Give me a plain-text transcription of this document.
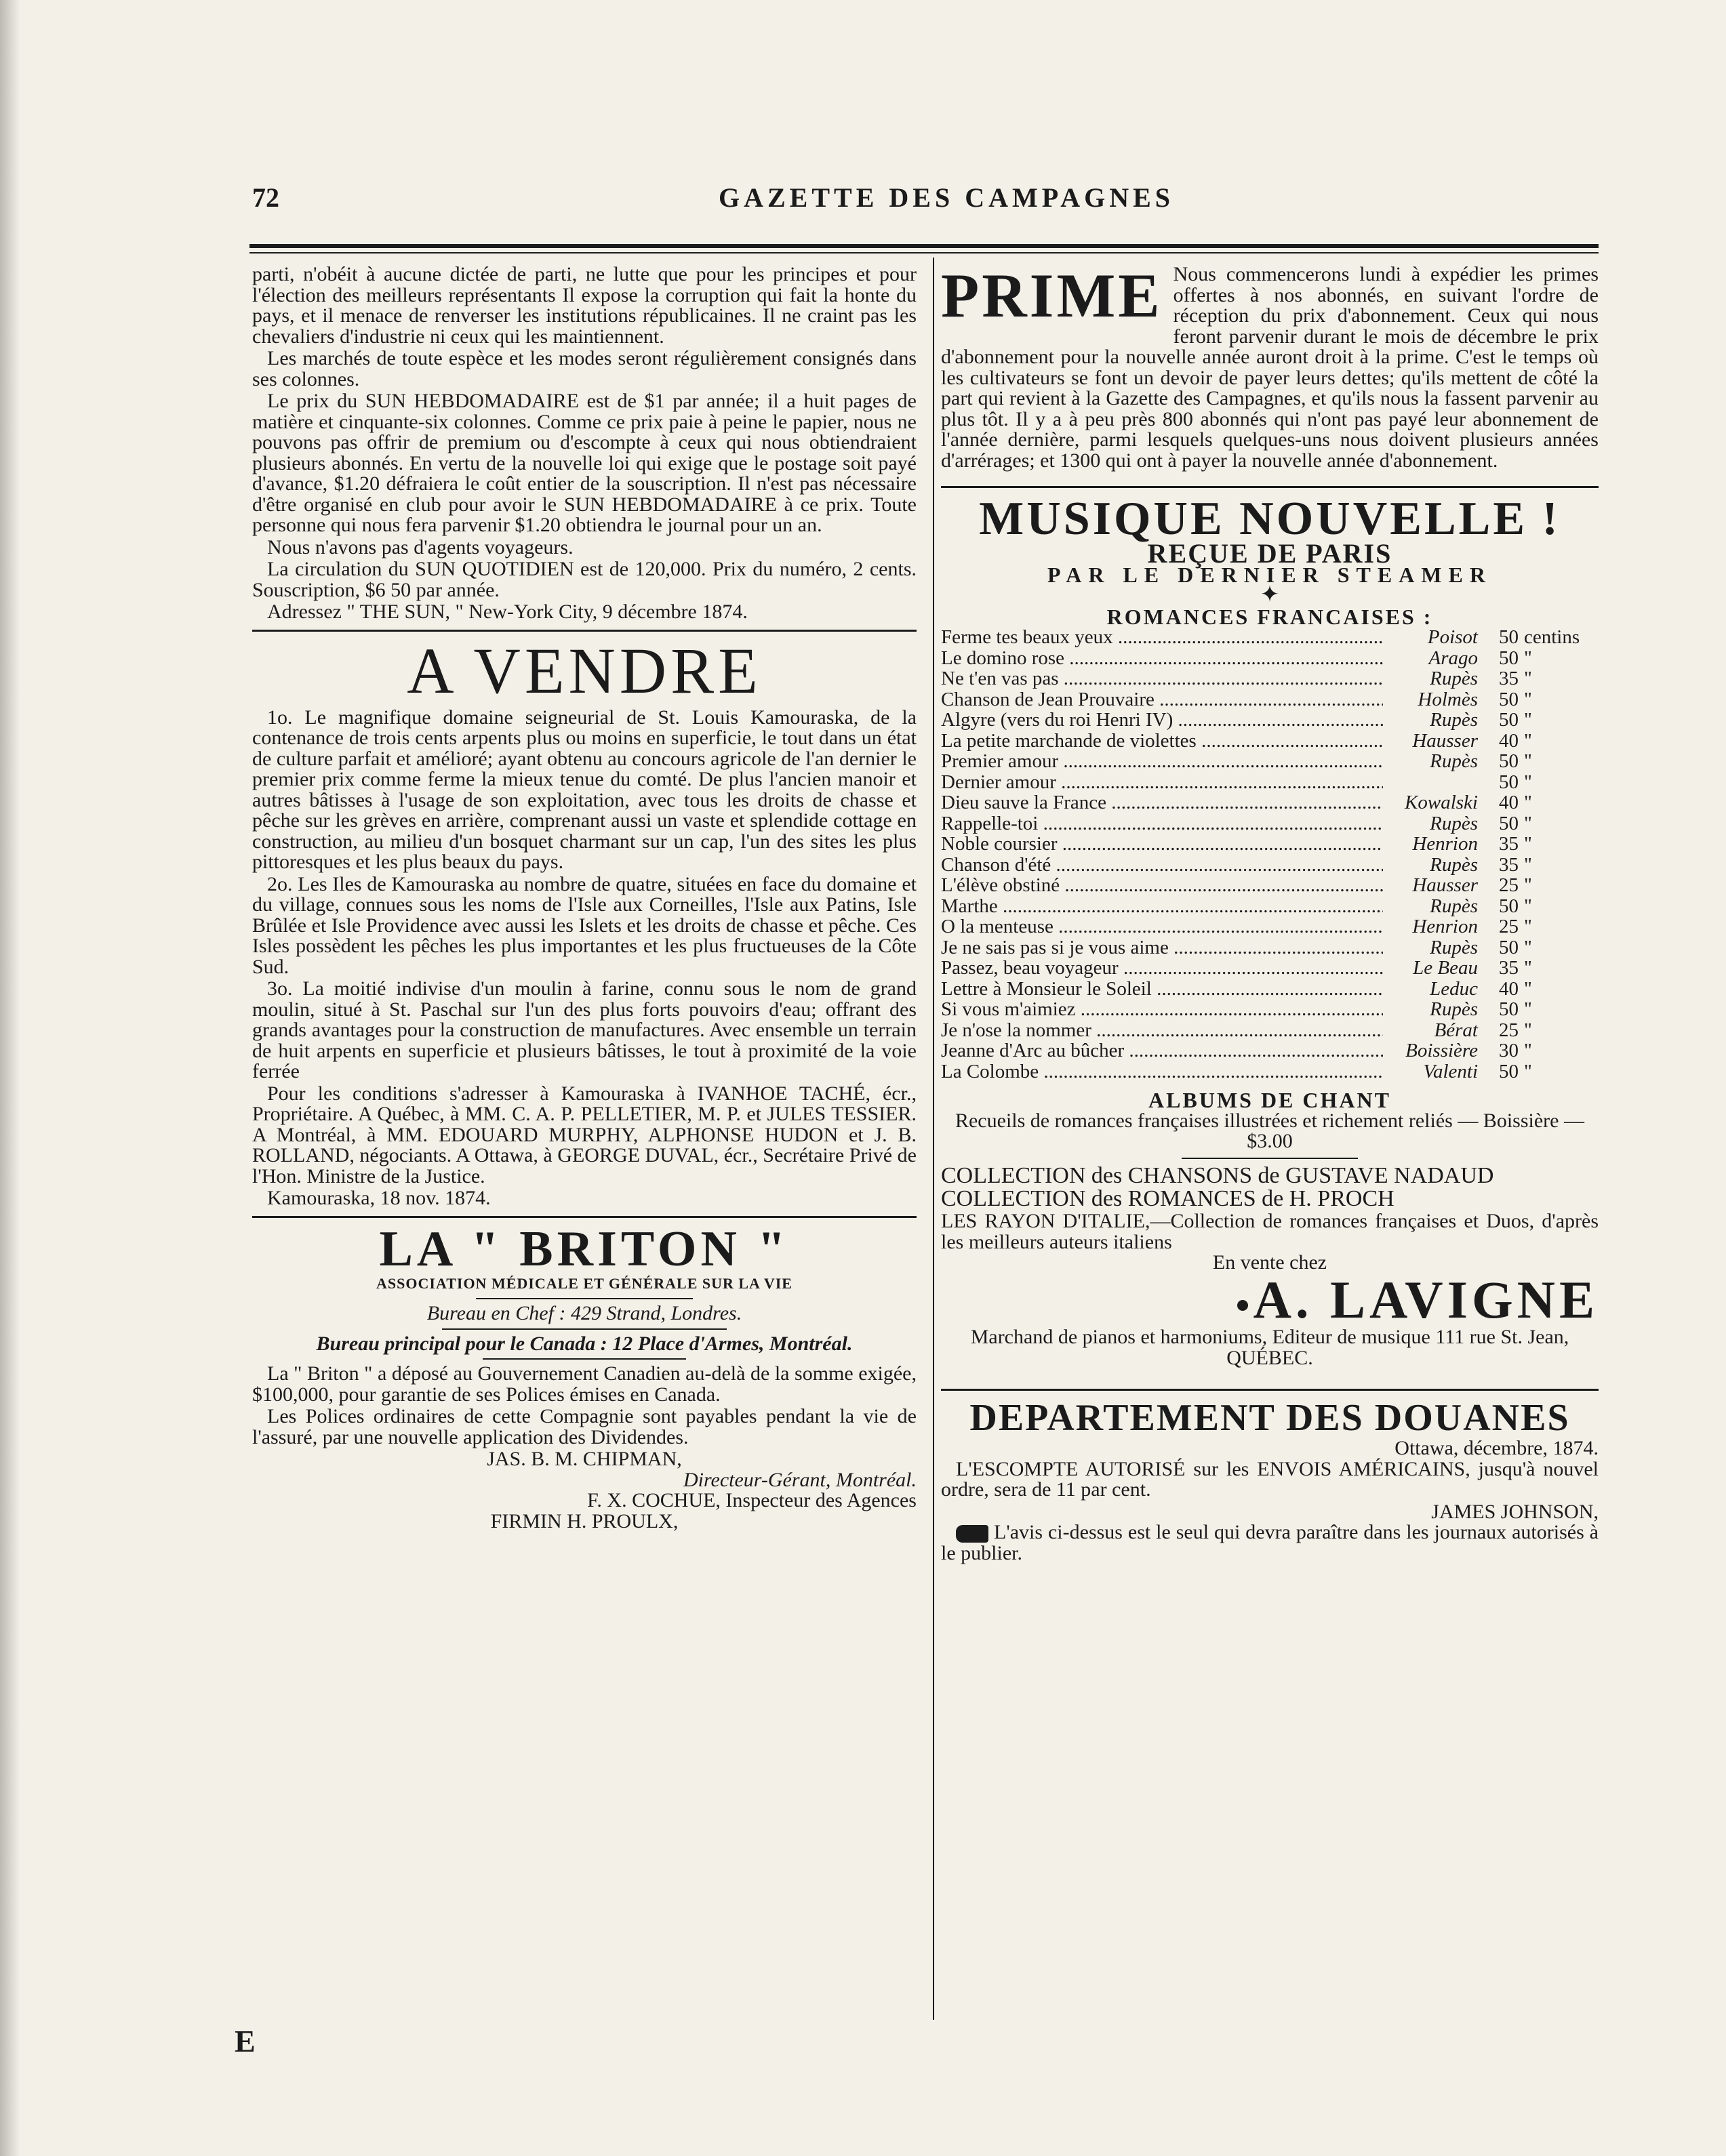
72	GAZETTE DES CAMPAGNES

parti, n'obéit à aucune dictée de parti, ne lutte que pour les principes et pour l'élection des meilleurs représentants Il expose la corruption qui fait la honte du pays, et il menace de renverser les institutions républicaines. Il ne craint pas les chevaliers d'industrie ni ceux qui les maintiennent.

Les marchés de toute espèce et les modes seront régulièrement consignés dans ses colonnes.

Le prix du SUN HEBDOMADAIRE est de $1 par année; il a huit pages de matière et cinquante-six colonnes. Comme ce prix paie à peine le papier, nous ne pouvons pas offrir de premium ou d'escompte à ceux qui nous obtiendraient plusieurs abonnés. En vertu de la nouvelle loi qui exige que le postage soit payé d'avance, $1.20 défraiera le coût entier de la souscription. Il n'est pas nécessaire d'être organisé en club pour avoir le SUN HEBDOMADAIRE à ce prix. Toute personne qui nous fera parvenir $1.20 obtiendra le journal pour un an.

Nous n'avons pas d'agents voyageurs.

La circulation du SUN QUOTIDIEN est de 120,000. Prix du numéro, 2 cents. Souscription, $6 50 par année.

Adressez " THE SUN, " New-York City, 9 décembre 1874.

A VENDRE

1o. Le magnifique domaine seigneurial de St. Louis Kamouraska, de la contenance de trois cents arpents plus ou moins en superficie, le tout dans un état de culture parfait et amélioré; ayant obtenu au concours agricole de l'an dernier le premier prix comme ferme la mieux tenue du comté. De plus l'ancien manoir et autres bâtisses à l'usage de son exploitation, avec tous les droits de chasse et pêche sur les grèves en arrière, comprenant aussi un vaste et splendide cottage en construction, au milieu d'un bosquet charmant sur un cap, l'un des sites les plus pittoresques et les plus beaux du pays.

2o. Les Iles de Kamouraska au nombre de quatre, situées en face du domaine et du village, connues sous les noms de l'Isle aux Corneilles, l'Isle aux Patins, Isle Brûlée et Isle Providence avec aussi les Islets et les droits de chasse et pêche. Ces Isles possèdent les pêches les plus importantes et les plus fructueuses de la Côte Sud.

3o. La moitié indivise d'un moulin à farine, connu sous le nom de grand moulin, situé à St. Paschal sur l'un des plus forts pouvoirs d'eau; offrant des grands avantages pour la construction de manufactures. Avec ensemble un terrain de huit arpents en superficie et plusieurs bâtisses, le tout à proximité de la voie ferrée

Pour les conditions s'adresser à Kamouraska à IVANHOE TACHÉ, écr., Propriétaire. A Québec, à MM. C. A. P. PELLETIER, M. P. et JULES TESSIER. A Montréal, à MM. EDOUARD MURPHY, ALPHONSE HUDON et J. B. ROLLAND, négociants. A Ottawa, à GEORGE DUVAL, écr., Secrétaire Privé de l'Hon. Ministre de la Justice.

Kamouraska, 18 nov. 1874.

LA " BRITON "
ASSOCIATION MÉDICALE ET GÉNÉRALE SUR LA VIE
Bureau en Chef : 429 Strand, Londres.
Bureau principal pour le Canada : 12 Place d'Armes, Montréal.

La " Briton " a déposé au Gouvernement Canadien au-delà de la somme exigée, $100,000, pour garantie de ses Polices émises en Canada.

Les Polices ordinaires de cette Compagnie sont payables pendant la vie de l'assuré, par une nouvelle application des Dividendes.

JAS. B. M. CHIPMAN,
Directeur-Gérant, Montréal.
F. X. COCHUE, Inspecteur des Agences
FIRMIN H. PROULX,
PRIME Nous commencerons lundi à expédier les primes offertes à nos abonnés, en suivant l'ordre de réception du prix d'abonnement. Ceux qui nous feront parvenir durant le mois de décembre le prix d'abonnement pour la nouvelle année auront droit à la prime. C'est le temps où les cultivateurs se font un devoir de payer leurs dettes; qu'ils mettent de côté la part qui revient à la Gazette des Campagnes, et qu'ils nous la fassent parvenir au plus tôt. Il y a à peu près 800 abonnés qui n'ont pas payé leur abonnement de l'année dernière, parmi lesquels quelques-uns nous doivent plusieurs années d'arrérages; et 1300 qui ont à payer la nouvelle année d'abonnement.
MUSIQUE NOUVELLE !
REÇUE DE PARIS
PAR LE DERNIER STEAMER
✦
ROMANCES FRANCAISES :
Ferme tes beaux yeux .....	Poisot	50 centins
Le domino rose .....	Arago	50 "
Ne t'en vas pas .....	Rupès	35 "
Chanson de Jean Prouvaire .....	Holmès	50 "
Algyre (vers du roi Henri IV) .....	Rupès	50 "
La petite marchande de violettes .....	Hausser	40 "
Premier amour .....	Rupès	50 "
Dernier amour .....	50 "
Dieu sauve la France .....	Kowalski	40 "
Rappelle-toi .....	Rupès	50 "
Noble coursier .....	Henrion	35 "
Chanson d'été .....	Rupès	35 "
L'élève obstiné .....	Hausser	25 "
Marthe .....	Rupès	50 "
O la menteuse .....	Henrion	25 "
Je ne sais pas si je vous aime .....	Rupès	50 "
Passez, beau voyageur .....	Le Beau	35 "
Lettre à Monsieur le Soleil .....	Leduc	40 "
Si vous m'aimiez .....	Rupès	50 "
Je n'ose la nommer .....	Bérat	25 "
Jeanne d'Arc au bûcher .....	Boissière	30 "
La Colombe .....	Valenti	50 "
ALBUMS DE CHANT

Recueils de romances françaises illustrées et richement reliés — Boissière — $3.00

COLLECTION des CHANSONS de GUSTAVE NADAUD
COLLECTION des ROMANCES de H. PROCH
LES RAYON D'ITALIE,—Collection de romances françaises et Duos, d'après les meilleurs auteurs italiens
En vente chez
A. LAVIGNE
Marchand de pianos et harmoniums, Editeur de musique 111 rue St. Jean, QUÉBEC.
DEPARTEMENT DES DOUANES
Ottawa, décembre, 1874.

L'ESCOMPTE AUTORISÉ sur les ENVOIS AMÉRICAINS, jusqu'à nouvel ordre, sera de 11 par cent.

JAMES JOHNSON,

L'avis ci-dessus est le seul qui devra paraître dans les journaux autorisés à le publier.

E
